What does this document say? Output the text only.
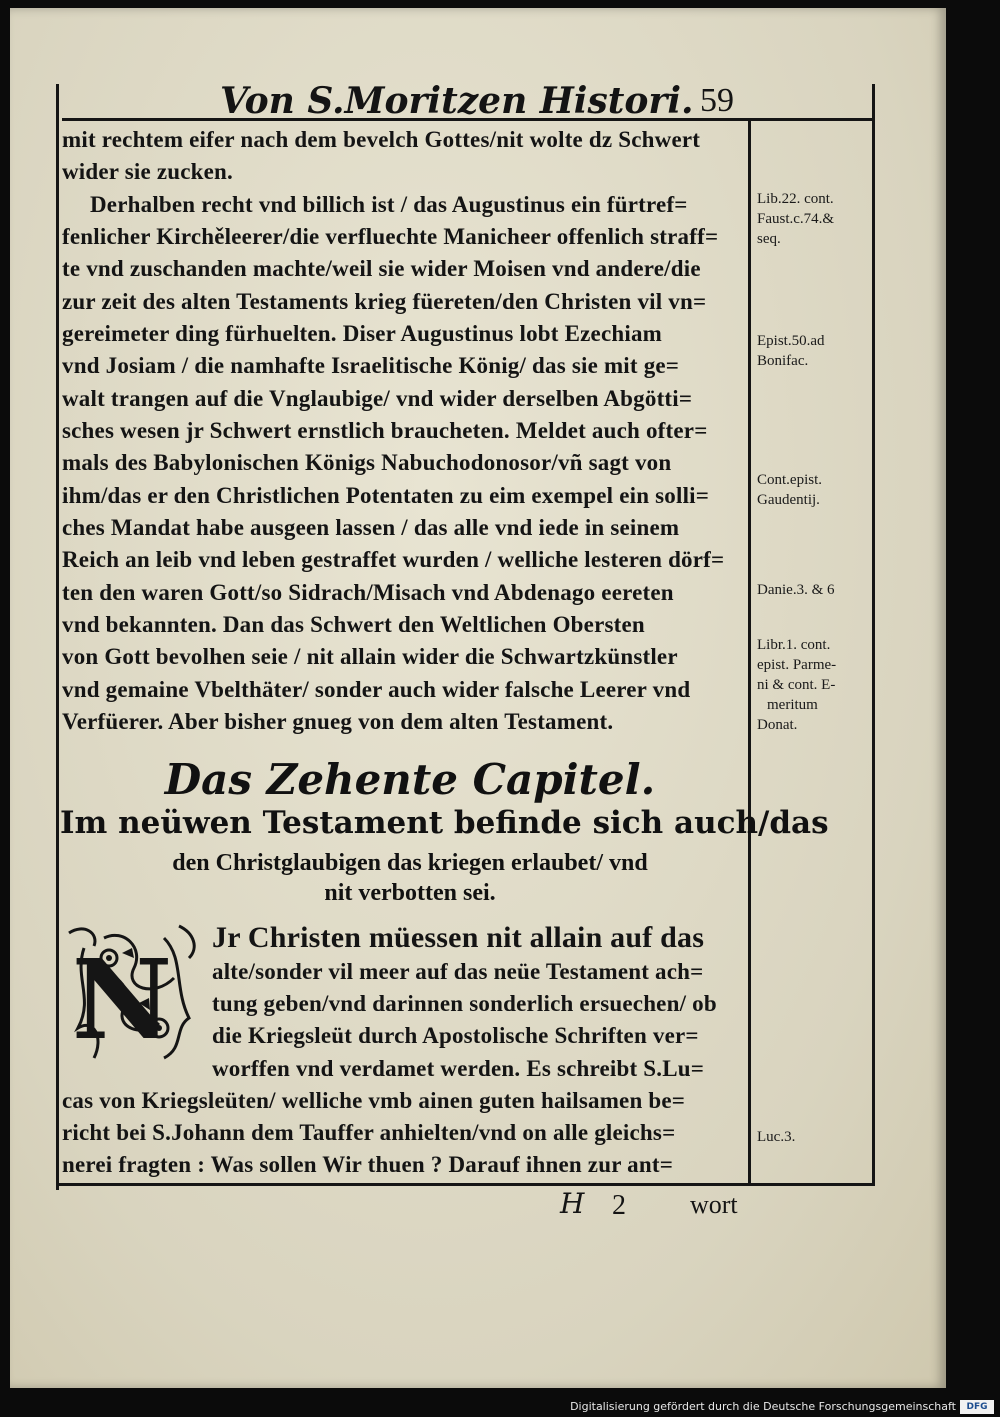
Von S.Moritzen Histori. 59
mit rechtem eifer nach dem bevelch Gottes/nit wolte dz Schwert
wider sie zucken.
Derhalben recht vnd billich ist / das Augustinus ein fürtref=
fenlicher Kirchěleerer/die verfluechte Manicheer offenlich straff=
te vnd zuschanden machte/weil sie wider Moisen vnd andere/die
zur zeit des alten Testaments krieg füereten/den Christen vil vn=
gereimeter ding fürhuelten. Diser Augustinus lobt Ezechiam
vnd Josiam / die namhafte Israelitische König/ das sie mit ge=
walt trangen auf die Vnglaubige/ vnd wider derselben Abgötti=
sches wesen jr Schwert ernstlich braucheten. Meldet auch ofter=
mals des Babylonischen Königs Nabuchodonosor/vñ sagt von
ihm/das er den Christlichen Potentaten zu eim exempel ein solli=
ches Mandat habe ausgeen lassen / das alle vnd iede in seinem
Reich an leib vnd leben gestraffet wurden / welliche lesteren dörf=
ten den waren Gott/so Sidrach/Misach vnd Abdenago eereten
vnd bekannten. Dan das Schwert den Weltlichen Obersten
von Gott bevolhen seie / nit allain wider die Schwartzkünstler
vnd gemaine Vbelthäter/ sonder auch wider falsche Leerer vnd
Verfüerer. Aber bisher gnueg von dem alten Testament.
Das Zehente Capitel.
Im neüwen Testament befinde sich auch/das
den Christglaubigen das kriegen erlaubet/ vnd
nit verbotten sei.
N Jr Christen müessen nit allain auf das
alte/sonder vil meer auf das neüe Testament ach=
tung geben/vnd darinnen sonderlich ersuechen/ ob
die Kriegsleüt durch Apostolische Schriften ver=
worffen vnd verdamet werden. Es schreibt S.Lu=
cas von Kriegsleüten/ welliche vmb ainen guten hailsamen be=
richt bei S.Johann dem Tauffer anhielten/vnd on alle gleichs=
nerei fragten : Was sollen Wir thuen ? Darauf ihnen zur ant=
Lib.22. cont.
Faust.c.74.&
seq.
Epist.50.ad
Bonifac.
Cont.epist.
Gaudentij.
Danie.3. & 6
Libr.1. cont.
epist. Parme-
ni & cont. E-
meritum
Donat.
Luc.3.
H 2 wort
Digitalisierung gefördert durch die Deutsche Forschungsgemeinschaft	DFG
